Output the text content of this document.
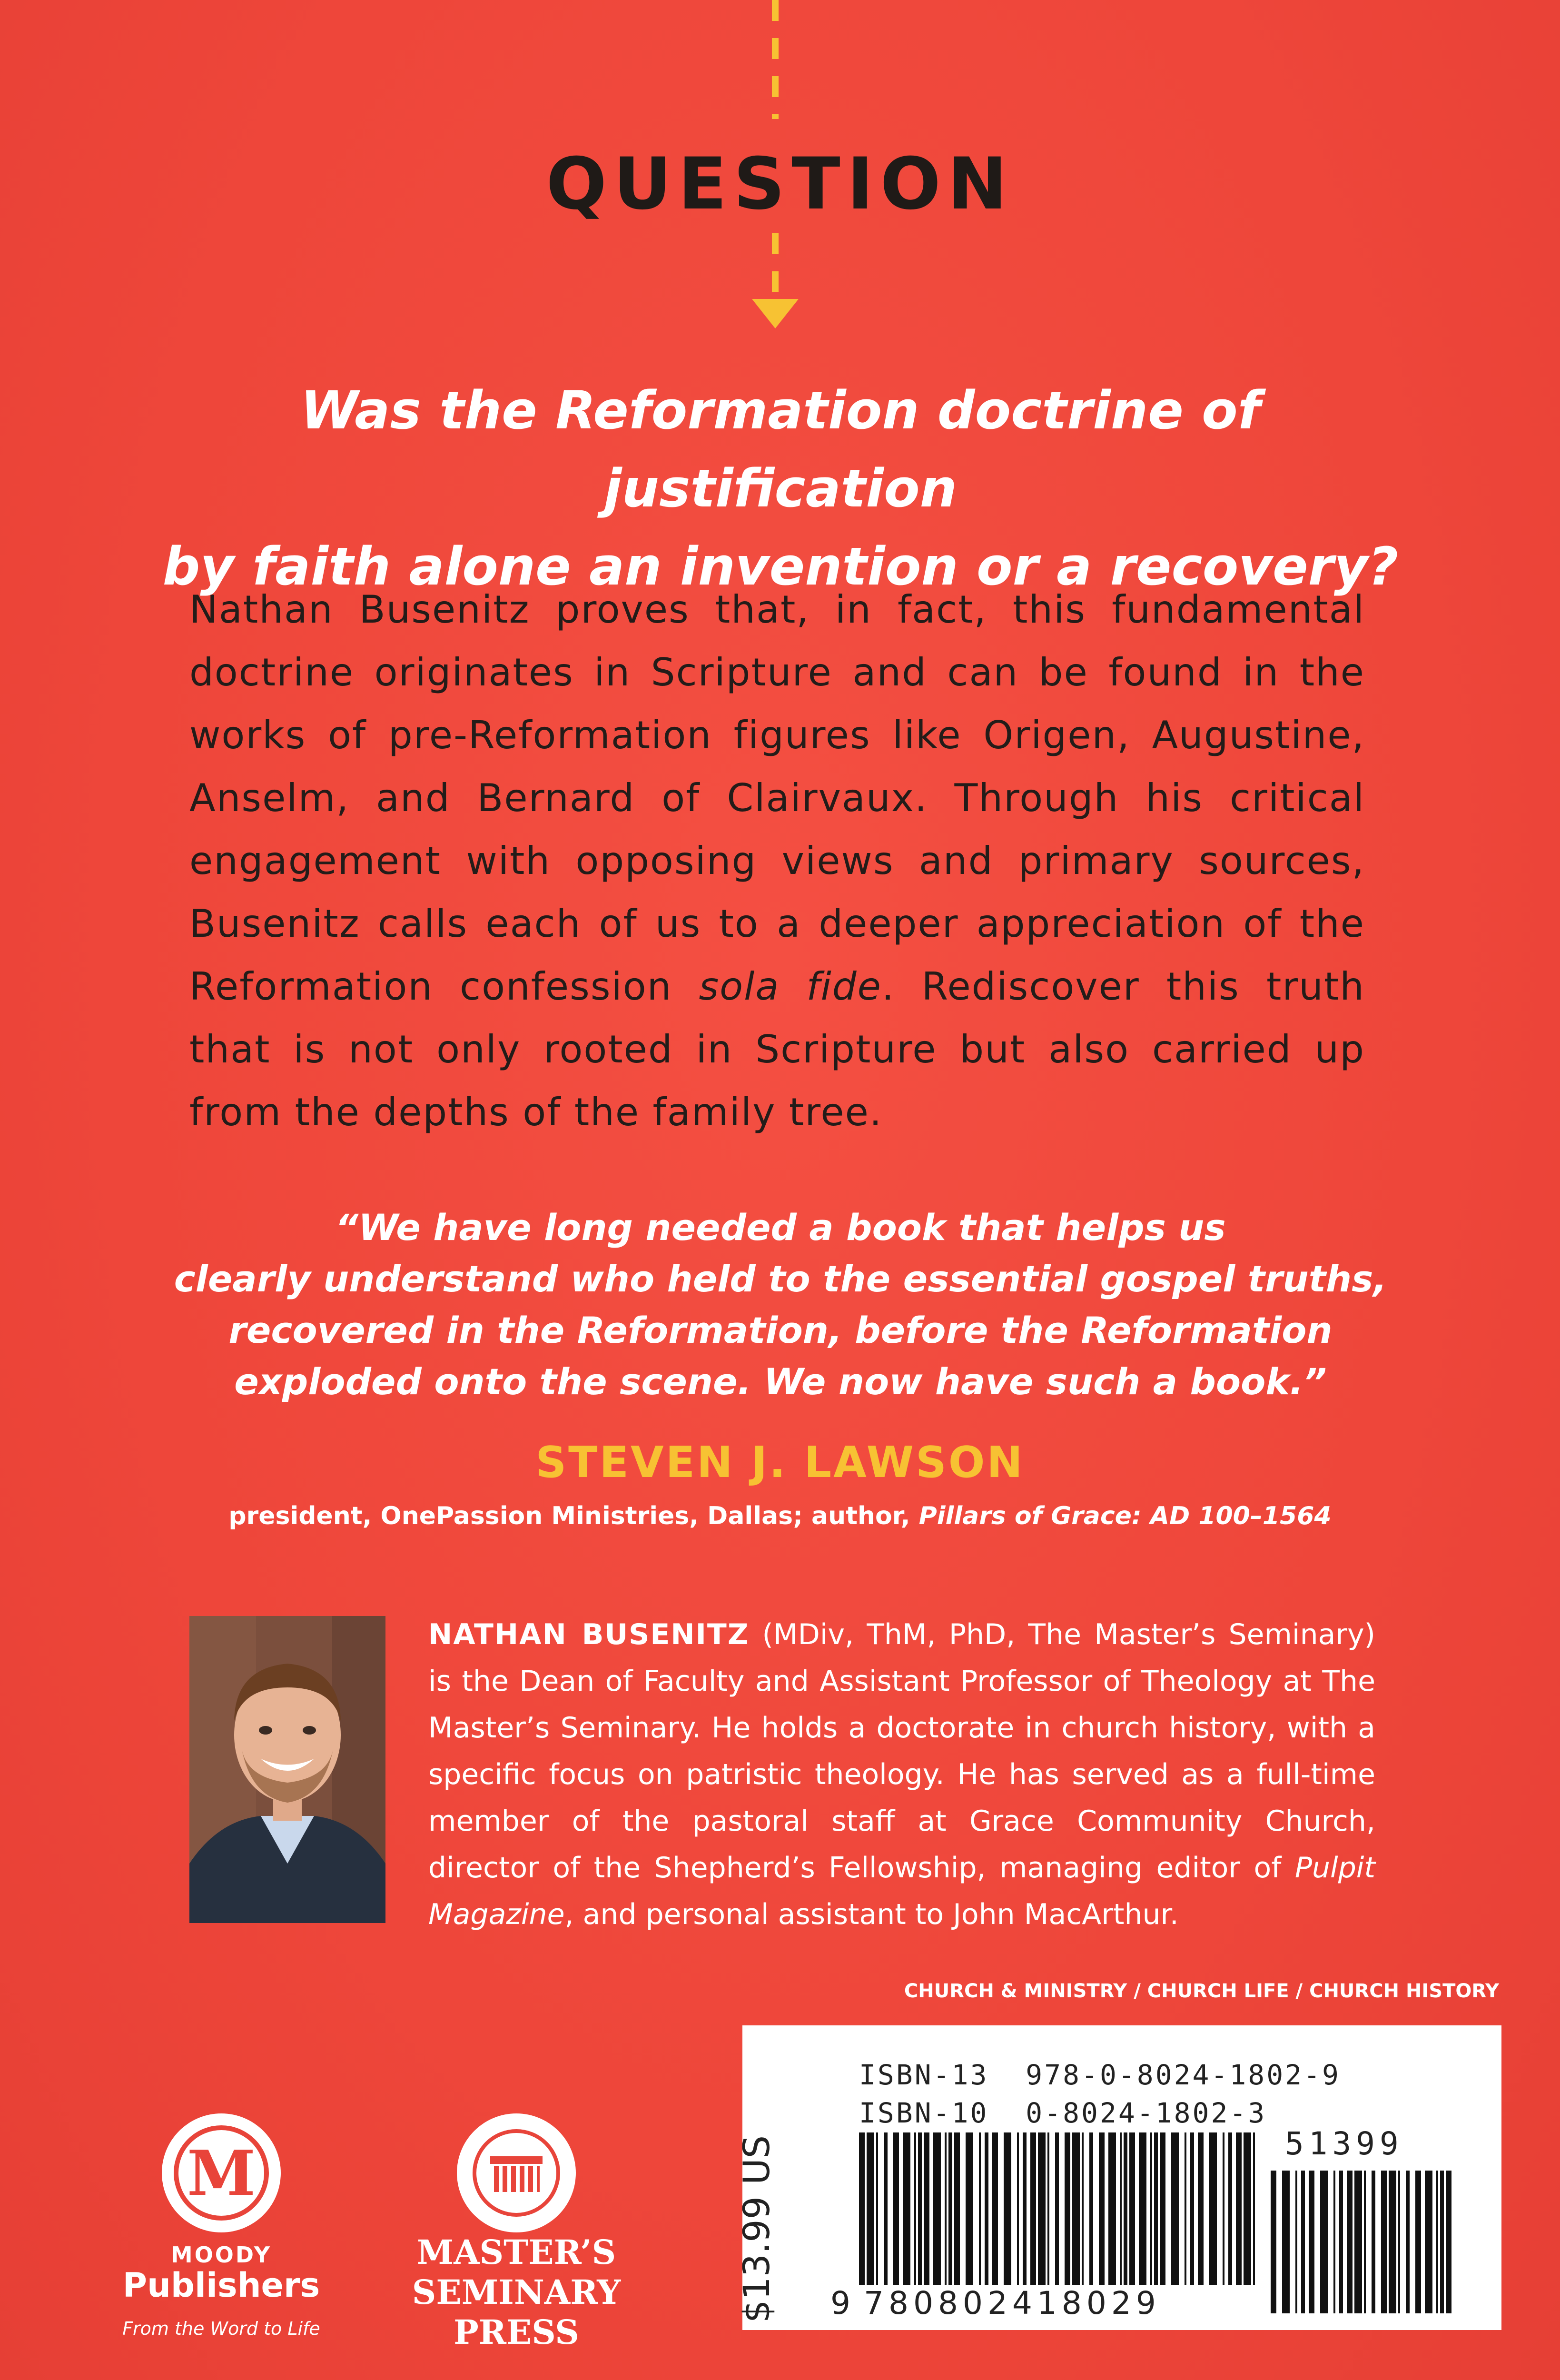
QUESTION
Was the Reformation doctrine of justification
by faith alone an invention or a recovery?
Nathan Busenitz proves that, in fact, this fundamental doctrine originates in Scripture and can be found in the works of pre-Reformation figures like Origen, Augustine, Anselm, and Bernard of Clairvaux. Through his critical engagement with opposing views and primary sources, Busenitz calls each of us to a deeper appreciation of the Reformation confession sola fide. Rediscover this truth that is not only rooted in Scripture but also carried up from the depths of the family tree.
“We have long needed a book that helps us
clearly understand who held to the essential gospel truths,
recovered in the Reformation, before the Reformation
exploded onto the scene. We now have such a book.”
STEVEN J. LAWSON
president, OnePassion Ministries, Dallas; author, Pillars of Grace: AD 100–1564
NATHAN BUSENITZ (MDiv, ThM, PhD, The Master’s Seminary) is the Dean of Faculty and Assistant Professor of Theology at The Master’s Seminary. He holds a doctorate in church history, with a specific focus on patristic theology. He has served as a full-time member of the pastoral staff at Grace Community Church, director of the Shepherd’s Fellowship, managing editor of Pulpit Magazine, and personal assistant to John MacArthur.
CHURCH & MINISTRY / CHURCH LIFE / CHURCH HISTORY
M
MOODY
Publishers
From the Word to Life
MASTER’S
SEMINARY
PRESS
$13.99 US
ISBN-13 978-0-8024-1802-9
ISBN-10 0-8024-1802-3
9 780802418029
51399
